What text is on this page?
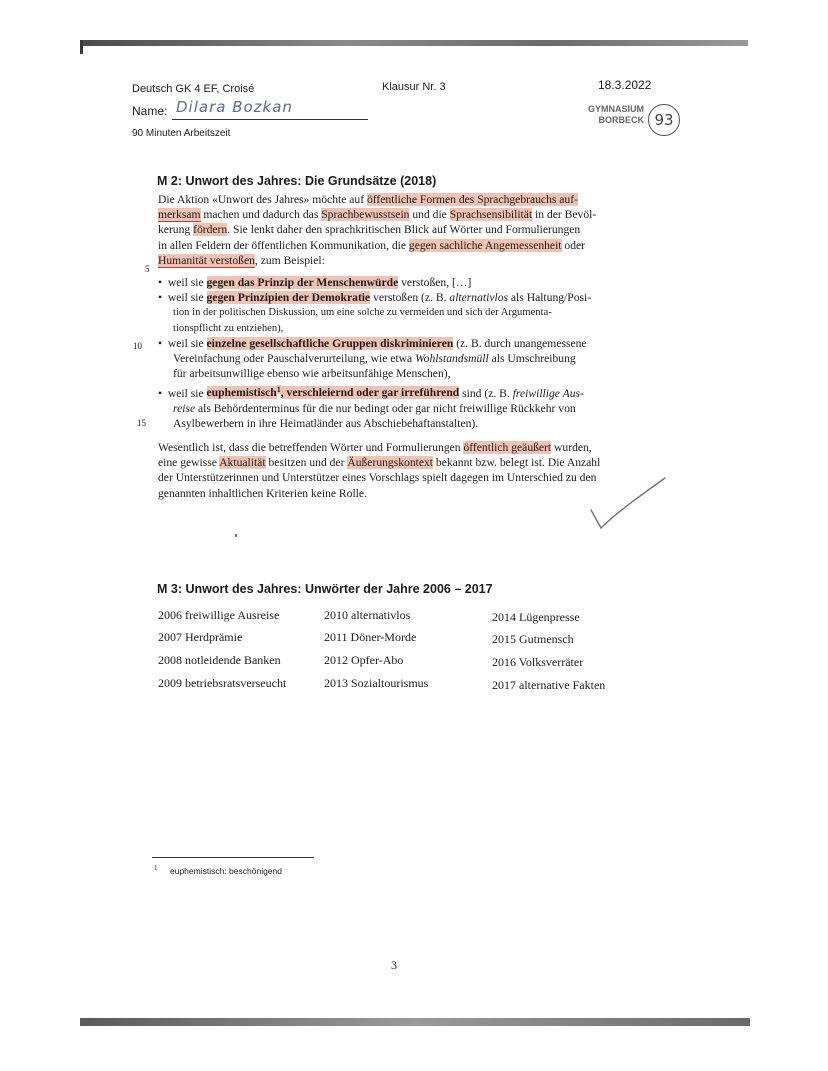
Deutsch GK 4 EF, Croisé	Klausur Nr. 3	18.3.2022
Name: Dilara Bozkan
90 Minuten Arbeitszeit
GYMNASIUM
BORBECK 93
M 2: Unwort des Jahres: Die Grundsätze (2018)
Die Aktion «Unwort des Jahres» möchte auf öffentliche Formen des Sprachgebrauchs auf-
merksam machen und dadurch das Sprachbewusstsein und die Sprachsensibilität in der Bevöl-
kerung fördern. Sie lenkt daher den sprachkritischen Blick auf Wörter und Formulierungen
in allen Feldern der öffentlichen Kommunikation, die gegen sachliche Angemessenheit oder
Humanität verstoßen, zum Beispiel:
5
•  weil sie gegen das Prinzip der Menschenwürde verstoßen, […]
•  weil sie gegen Prinzipien der Demokratie verstoßen (z. B. alternativlos als Haltung/Posi-
tion in der politischen Diskussion, um eine solche zu vermeiden und sich der Argumenta-
tionspflicht zu entziehen),
10 •  weil sie einzelne gesellschaftliche Gruppen diskriminieren (z. B. durch unangemessene
Vereinfachung oder Pauschalverurteilung, wie etwa Wohlstandsmüll als Umschreibung
für arbeitsunwillige ebenso wie arbeitsunfähige Menschen),
•  weil sie euphemistisch$^1$, verschleiernd oder gar irreführend sind (z. B. freiwillige Aus-
reise als Behördenterminus für die nur bedingt oder gar nicht freiwillige Rückkehr von
Asylbewerbern in ihre Heimatländer aus Abschiebehaftanstalten).
15
Wesentlich ist, dass die betreffenden Wörter und Formulierungen öffentlich geäußert wurden,
eine gewisse Aktualität besitzen und der Äußerungskontext bekannt bzw. belegt ist. Die Anzahl
der Unterstützerinnen und Unterstützer eines Vorschlags spielt dagegen im Unterschied zu den
genannten inhaltlichen Kriterien keine Rolle.
M 3: Unwort des Jahres: Unwörter der Jahre 2006 – 2017
2006 freiwillige Ausreise
2007 Herdprämie
2008 notleidende Banken
2009 betriebsratsverseucht
2010 alternativlos
2011 Döner-Morde
2012 Opfer-Abo
2013 Sozialtourismus
2014 Lügenpresse
2015 Gutmensch
2016 Volksverräter
2017 alternative Fakten
1 euphemistisch: beschönigend
3
